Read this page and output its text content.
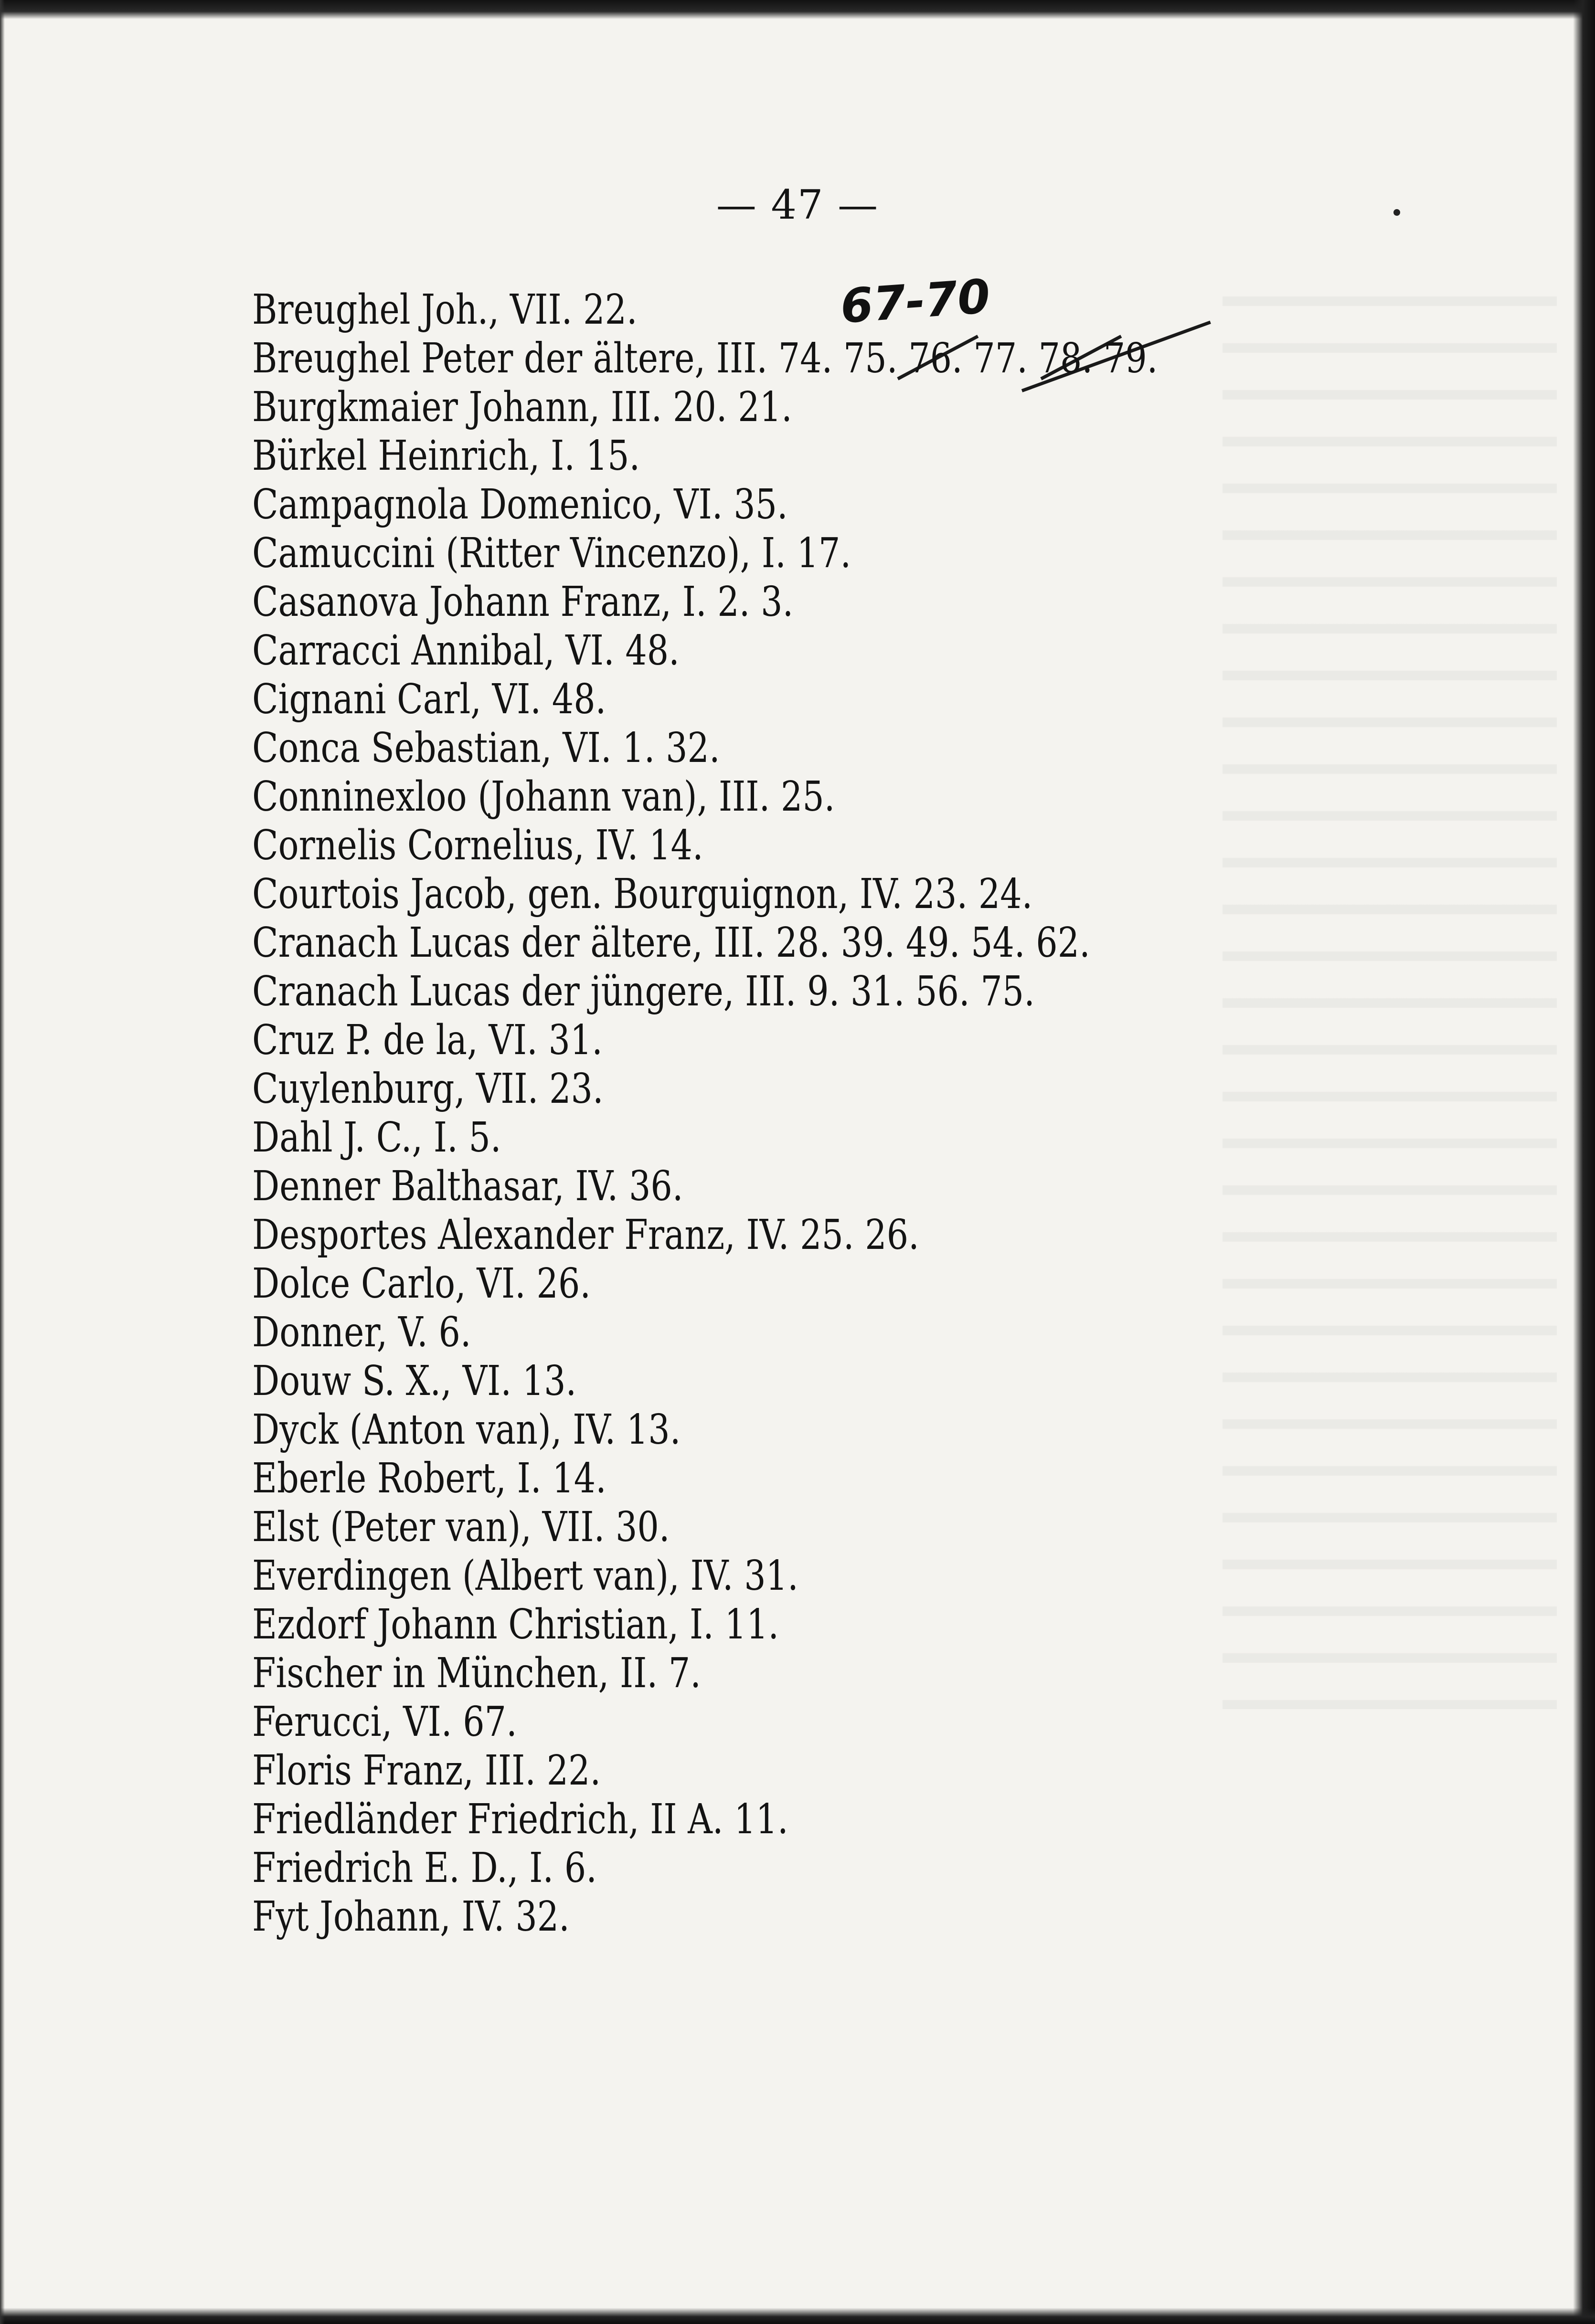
— 47 —
67-70
Breughel Joh., VII. 22.
Breughel Peter der ältere, III. 74. 75. 76. 77. 78. 79.
Burgkmaier Johann, III. 20. 21.
Bürkel Heinrich, I. 15.
Campagnola Domenico, VI. 35.
Camuccini (Ritter Vincenzo), I. 17.
Casanova Johann Franz, I. 2. 3.
Carracci Annibal, VI. 48.
Cignani Carl, VI. 48.
Conca Sebastian, VI. 1. 32.
Conninexloo (Johann van), III. 25.
Cornelis Cornelius, IV. 14.
Courtois Jacob, gen. Bourguignon, IV. 23. 24.
Cranach Lucas der ältere, III. 28. 39. 49. 54. 62.
Cranach Lucas der jüngere, III. 9. 31. 56. 75.
Cruz P. de la, VI. 31.
Cuylenburg, VII. 23.
Dahl J. C., I. 5.
Denner Balthasar, IV. 36.
Desportes Alexander Franz, IV. 25. 26.
Dolce Carlo, VI. 26.
Donner, V. 6.
Douw S. X., VI. 13.
Dyck (Anton van), IV. 13.
Eberle Robert, I. 14.
Elst (Peter van), VII. 30.
Everdingen (Albert van), IV. 31.
Ezdorf Johann Christian, I. 11.
Fischer in München, II. 7.
Ferucci, VI. 67.
Floris Franz, III. 22.
Friedländer Friedrich, II A. 11.
Friedrich E. D., I. 6.
Fyt Johann, IV. 32.
